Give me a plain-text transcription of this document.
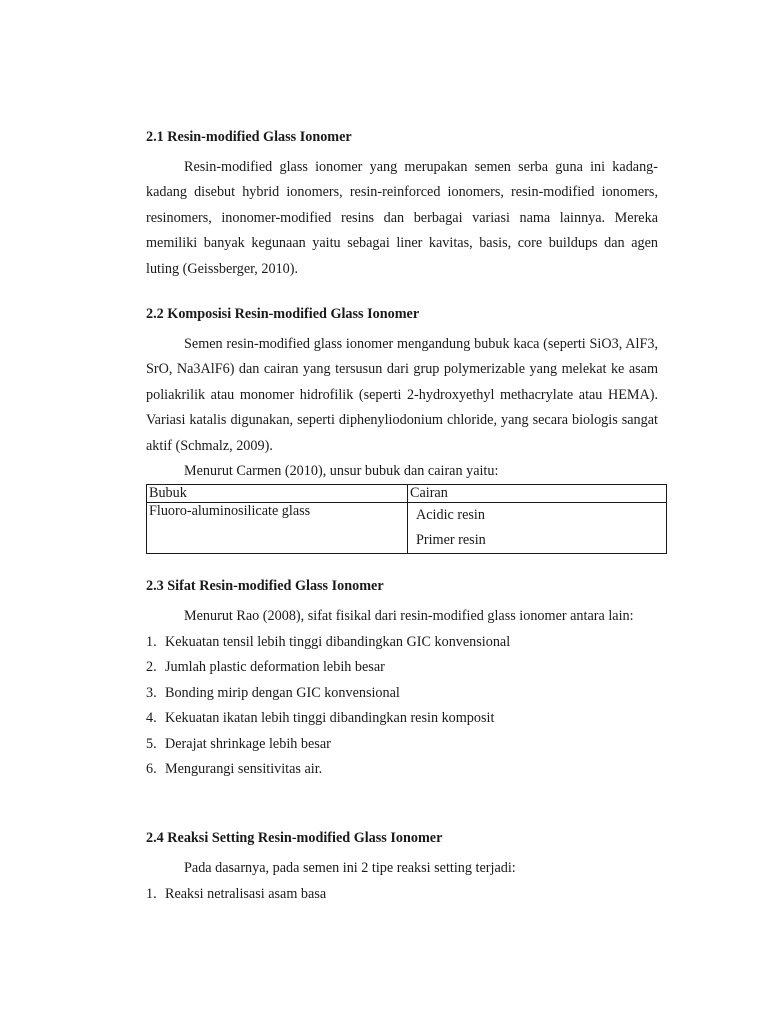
2.1 Resin-modified Glass Ionomer

Resin-modified glass ionomer yang merupakan semen serba guna ini kadang-kadang disebut hybrid ionomers, resin-reinforced ionomers, resin-modified ionomers, resinomers, inonomer-modified resins dan berbagai variasi nama lainnya. Mereka memiliki banyak kegunaan yaitu sebagai liner kavitas, basis, core buildups dan agen luting (Geissberger, 2010).

2.2 Komposisi Resin-modified Glass Ionomer

Semen resin-modified glass ionomer mengandung bubuk kaca (seperti SiO3, AlF3, SrO, Na3AlF6) dan cairan yang tersusun dari grup polymerizable yang melekat ke asam poliakrilik atau monomer hidrofilik (seperti 2-hydroxyethyl methacrylate atau HEMA). Variasi katalis digunakan, seperti diphenyliodonium chloride, yang secara biologis sangat aktif (Schmalz, 2009).

Menurut Carmen (2010), unsur bubuk dan cairan yaitu:

Bubuk	Cairan

Fluoro-aluminosilicate glass	Acidic resin
Primer resin
2.3 Sifat Resin-modified Glass Ionomer

Menurut Rao (2008), sifat fisikal dari resin-modified glass ionomer antara lain:

1. Kekuatan tensil lebih tinggi dibandingkan GIC konvensional
2. Jumlah plastic deformation lebih besar
3. Bonding mirip dengan GIC konvensional
4. Kekuatan ikatan lebih tinggi dibandingkan resin komposit
5. Derajat shrinkage lebih besar
6. Mengurangi sensitivitas air.
2.4 Reaksi Setting Resin-modified Glass Ionomer

Pada dasarnya, pada semen ini 2 tipe reaksi setting terjadi:

1. Reaksi netralisasi asam basa
